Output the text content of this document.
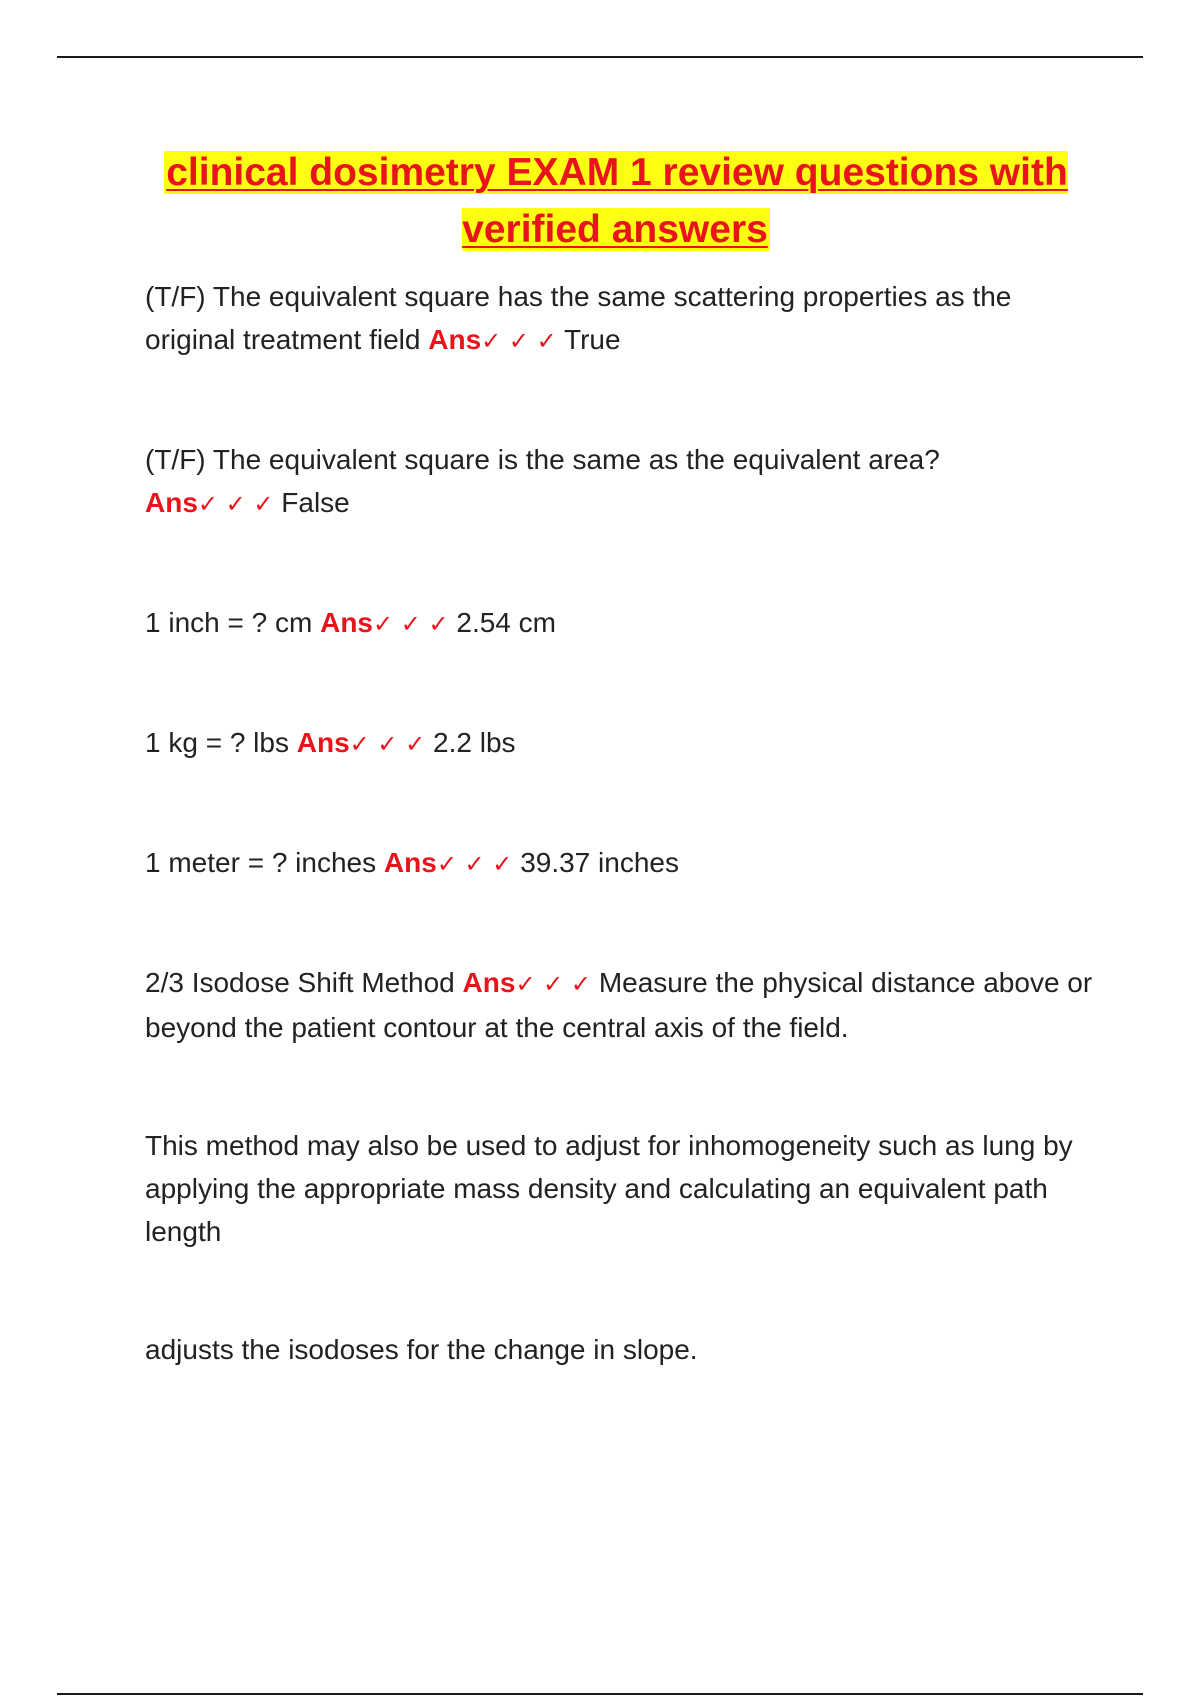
clinical dosimetry EXAM 1 review questions with verified answers

(T/F) The equivalent square has the same scattering properties as the original treatment field Ans✓ ✓ ✓ True

(T/F) The equivalent square is the same as the equivalent area?
Ans✓ ✓ ✓ False

1 inch = ? cm Ans✓ ✓ ✓ 2.54 cm

1 kg = ? lbs Ans✓ ✓ ✓ 2.2 lbs

1 meter = ? inches Ans✓ ✓ ✓ 39.37 inches

2/3 Isodose Shift Method Ans✓ ✓ ✓ Measure the physical distance above or beyond the patient contour at the central axis of the field.

This method may also be used to adjust for inhomogeneity such as lung by applying the appropriate mass density and calculating an equivalent path length

adjusts the isodoses for the change in slope.
